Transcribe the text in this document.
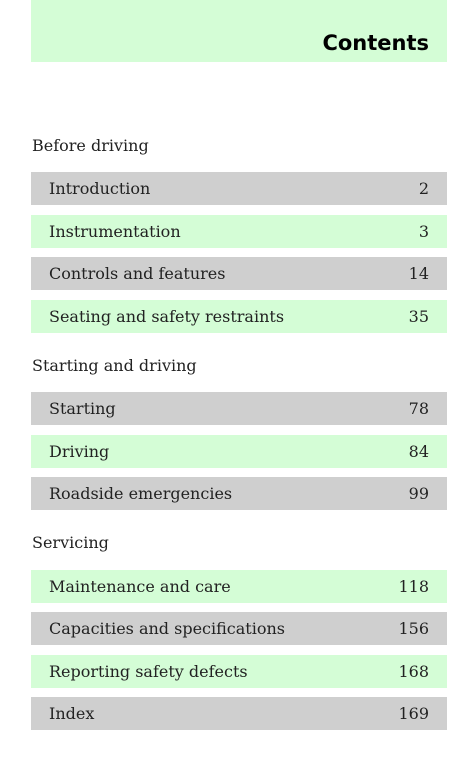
Contents
Before driving
Introduction	2
Instrumentation	3
Controls and features	14
Seating and safety restraints	35
Starting and driving
Starting	78
Driving	84
Roadside emergencies	99
Servicing
Maintenance and care	118
Capacities and specifications	156
Reporting safety defects	168
Index	169
